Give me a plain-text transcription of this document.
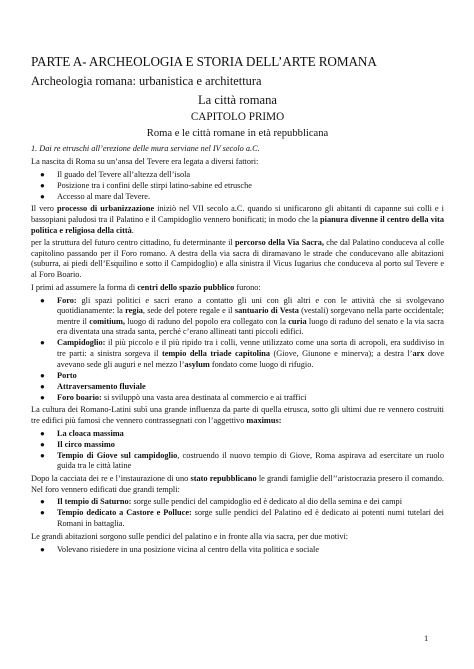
PARTE A- ARCHEOLOGIA E STORIA DELL’ARTE ROMANA
Archeologia romana: urbanistica e architettura
La città romana
CAPITOLO PRIMO
Roma e le città romane in età repubblicana

1. Dai re etruschi all’erezione delle mura serviane nel IV secolo a.C.

La nascita di Roma su un’ansa del Tevere era legata a diversi fattori:

● Il guado del Tevere all’altezza dell’isola
● Posizione tra i confini delle stirpi latino-sabine ed etrusche
● Accesso al mare dal Tevere.

Il vero processo di urbanizzazione iniziò nel VII secolo a.C. quando si unificarono gli abitanti di capanne sui colli e i bassopiani paludosi tra il Palatino e il Campidoglio vennero bonificati; in modo che la pianura divenne il centro della vita politica e religiosa della città.

per la struttura del futuro centro cittadino, fu determinante il percorso della Via Sacra, che dal Palatino conduceva al colle capitolino passando per il Foro romano. A destra della via sacra di diramavano le strade che conducevano alle abitazioni (suburra, ai piedi dell’Esquilino e sotto il Campidoglio) e alla sinistra il Vicus Iugarius che conduceva al porto sul Tevere e al Foro Boario.

I primi ad assumere la forma di centri dello spazio pubblico furono:

● Foro: gli spazi politici e sacri erano a contatto gli uni con gli altri e con le attività che si svolgevano quotidianamente: la regia, sede del potere regale e il santuario di Vesta (vestali) sorgevano nella parte occidentale; mentre il comitium, luogo di raduno del popolo era collegato con la curia luogo di raduno del senato e la via sacra era diventata una strada santa, perché c’erano allineati tanti piccoli edifici.
● Campidoglio: il più piccolo e il più ripido tra i colli, venne utilizzato come una sorta di acropoli, era suddiviso in tre parti: a sinistra sorgeva il tempio della triade capitolina (Giove, Giunone e minerva); a destra l’arx dove avevano sede gli auguri e nel mezzo l’asylum fondato come luogo di rifugio.
● Porto
● Attraversamento fluviale
● Foro boario: si sviluppò una vasta area destinata al commercio e ai traffici

La cultura dei Romano-Latini subì una grande influenza da parte di quella etrusca, sotto gli ultimi due re vennero costruiti tre edifici più famosi che vennero contrassegnati con l’aggettivo maximus:

● La cloaca massima
● Il circo massimo
● Tempio di Giove sul campidoglio, costruendo il nuovo tempio di Giove, Roma aspirava ad esercitare un ruolo guida tra le città latine

Dopo la cacciata dei re e l’instaurazione di uno stato repubblicano le grandi famiglie dell’’aristocrazia presero il comando. Nel foro vennero edificati due grandi templi:

● Il tempio di Saturno: sorge sulle pendici del campidoglio ed è dedicato al dio della semina e dei campi
● Tempio dedicato a Castore e Polluce: sorge sulle pendici del Palatino ed è dedicato ai potenti numi tutelari dei Romani in battaglia.

Le grandi abitazioni sorgono sulle pendici del palatino e in fronte alla via sacra, per due motivi:

● Volevano risiedere in una posizione vicina al centro della vita politica e sociale
1
